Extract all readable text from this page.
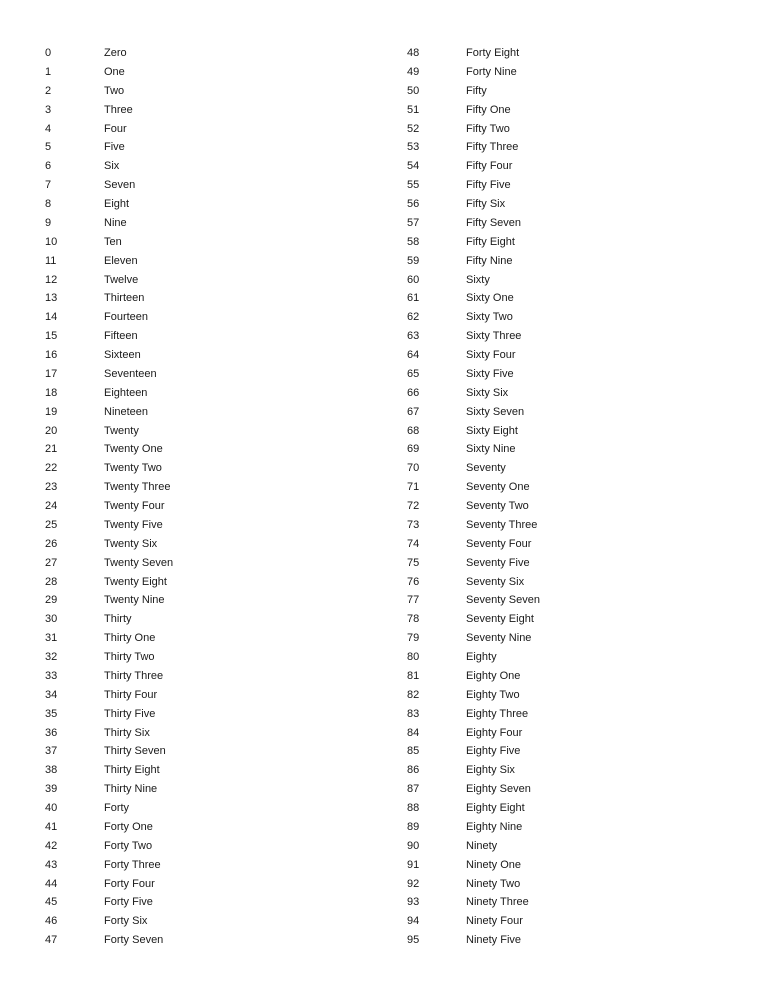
0	Zero
1	One
2	Two
3	Three
4	Four
5	Five
6	Six
7	Seven
8	Eight
9	Nine
10	Ten
11	Eleven
12	Twelve
13	Thirteen
14	Fourteen
15	Fifteen
16	Sixteen
17	Seventeen
18	Eighteen
19	Nineteen
20	Twenty
21	Twenty One
22	Twenty Two
23	Twenty Three
24	Twenty Four
25	Twenty Five
26	Twenty Six
27	Twenty Seven
28	Twenty Eight
29	Twenty Nine
30	Thirty
31	Thirty One
32	Thirty Two
33	Thirty Three
34	Thirty Four
35	Thirty Five
36	Thirty Six
37	Thirty Seven
38	Thirty Eight
39	Thirty Nine
40	Forty
41	Forty One
42	Forty Two
43	Forty Three
44	Forty Four
45	Forty Five
46	Forty Six
47	Forty Seven
48	Forty Eight
49	Forty Nine
50	Fifty
51	Fifty One
52	Fifty Two
53	Fifty Three
54	Fifty Four
55	Fifty Five
56	Fifty Six
57	Fifty Seven
58	Fifty Eight
59	Fifty Nine
60	Sixty
61	Sixty One
62	Sixty Two
63	Sixty Three
64	Sixty Four
65	Sixty Five
66	Sixty Six
67	Sixty Seven
68	Sixty Eight
69	Sixty Nine
70	Seventy
71	Seventy One
72	Seventy Two
73	Seventy Three
74	Seventy Four
75	Seventy Five
76	Seventy Six
77	Seventy Seven
78	Seventy Eight
79	Seventy Nine
80	Eighty
81	Eighty One
82	Eighty Two
83	Eighty Three
84	Eighty Four
85	Eighty Five
86	Eighty Six
87	Eighty Seven
88	Eighty Eight
89	Eighty Nine
90	Ninety
91	Ninety One
92	Ninety Two
93	Ninety Three
94	Ninety Four
95	Ninety Five
